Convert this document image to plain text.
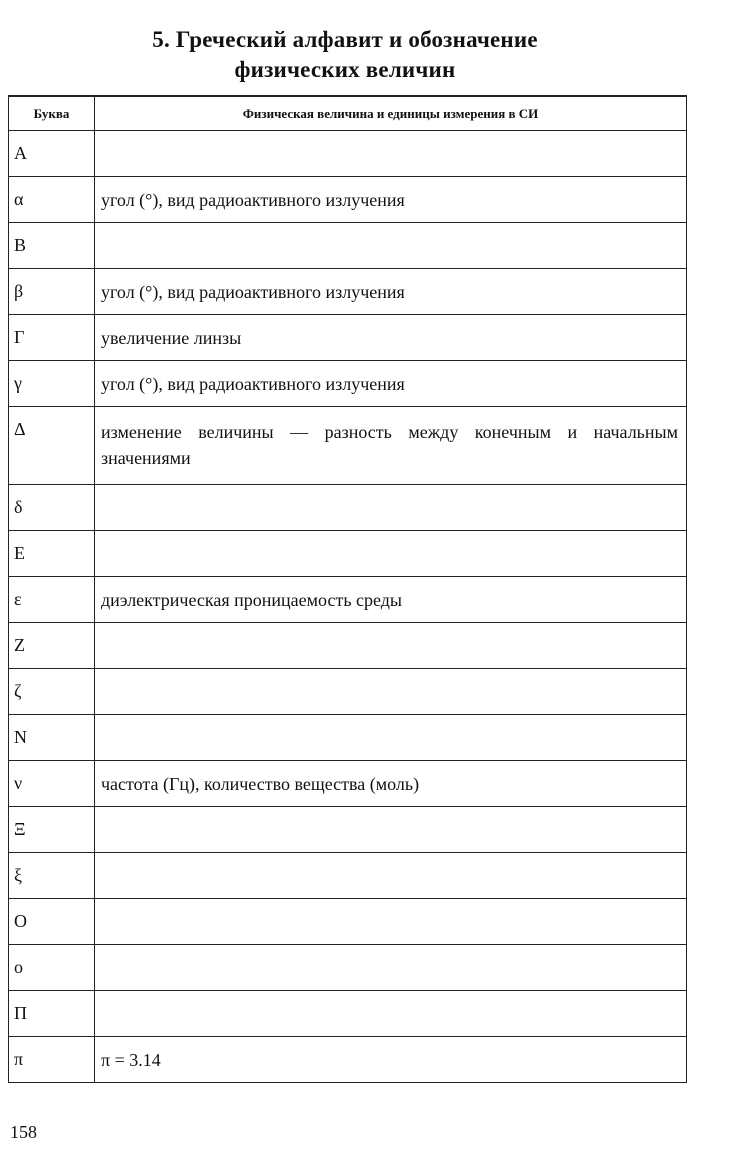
5. Греческий алфавит и обозначение
физических величин
Буква	Физическая величина и единицы измерения в СИ
A	

α	угол (°), вид радиоактивного излучения

B	

β	угол (°), вид радиоактивного излучения

Г	увеличение линзы

γ	угол (°), вид радиоактивного излучения

Δ	изменение величины — разность между конечным и начальным значениями

δ	

E	

ε	диэлектрическая проницаемость среды

Z	

ζ	

N	

ν	частота (Гц), количество вещества (моль)

Ξ	

ξ	

O	

o	

П	

π	π = 3.14
158
